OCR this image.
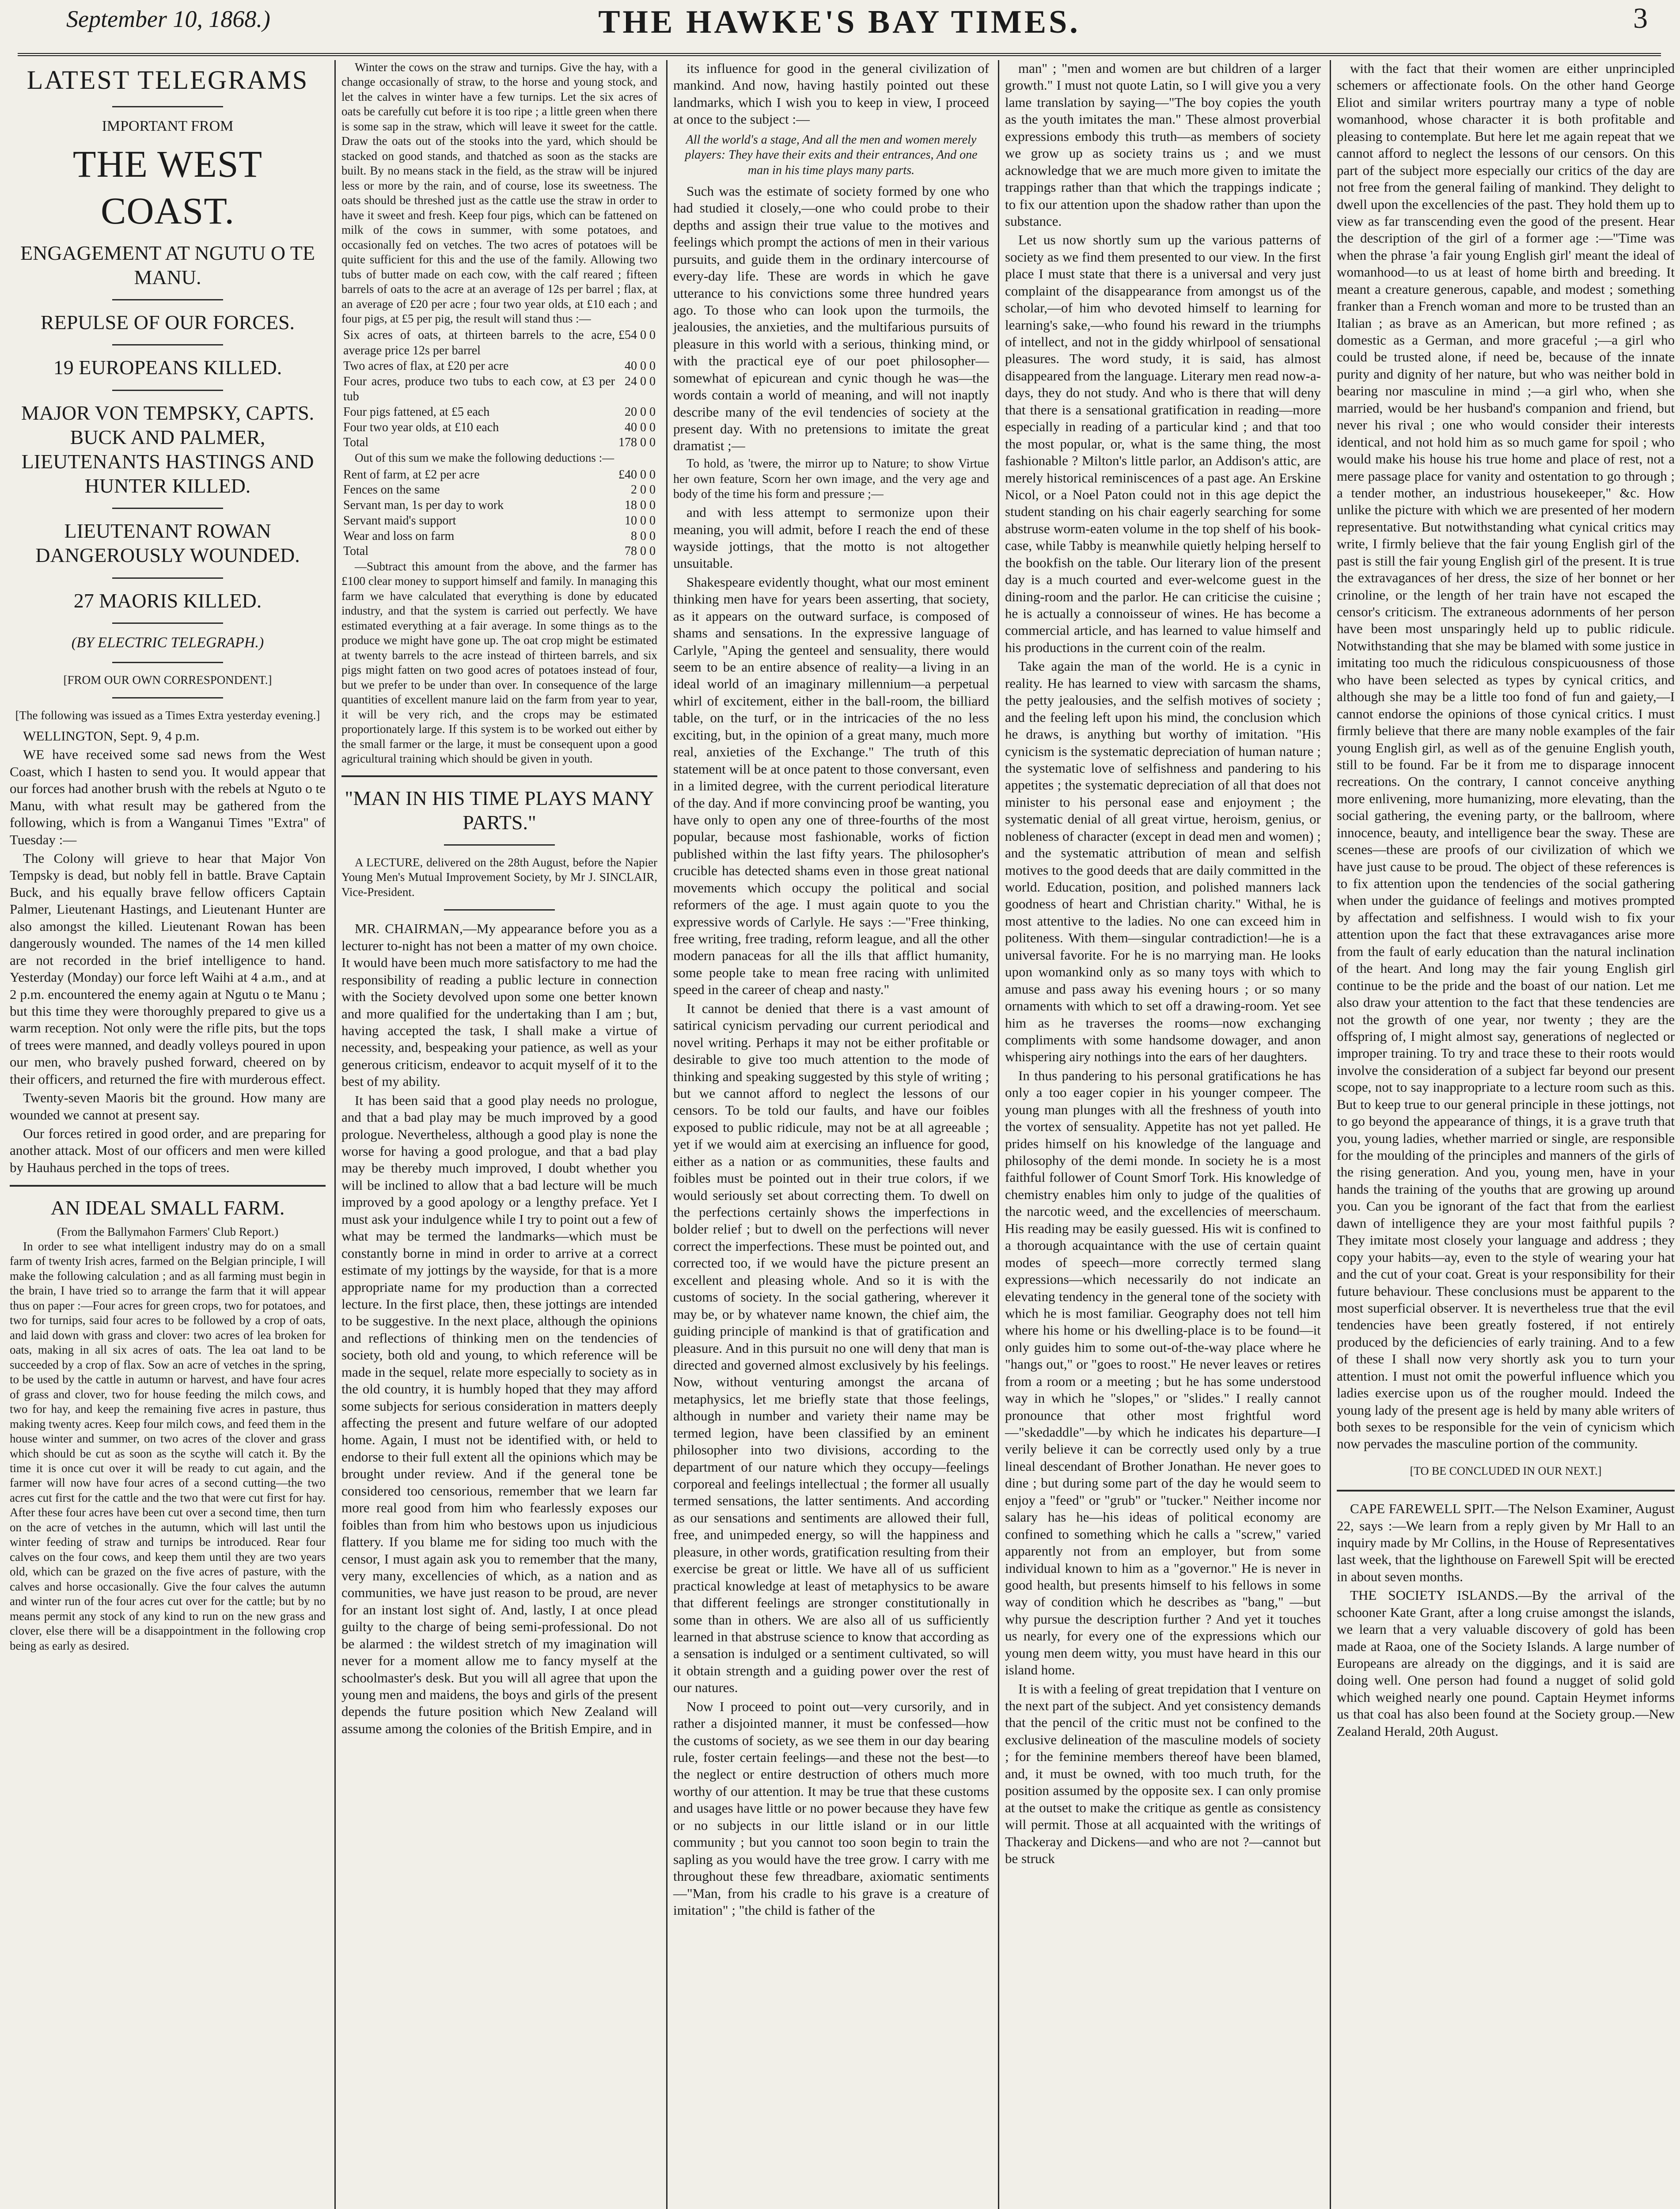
September 10, 1868.)	THE HAWKE'S BAY TIMES.	3
LATEST TELEGRAMS
IMPORTANT FROM
THE WEST COAST.
ENGAGEMENT AT NGUTU O TE MANU.
REPULSE OF OUR FORCES.
19 EUROPEANS KILLED.
MAJOR VON TEMPSKY, CAPTS. BUCK AND PALMER, LIEUTENANTS HASTINGS AND HUNTER KILLED.
LIEUTENANT ROWAN DANGEROUSLY WOUNDED.
27 MAORIS KILLED.
(BY ELECTRIC TELEGRAPH.)
[FROM OUR OWN CORRESPONDENT.]
[The following was issued as a Times Extra yesterday evening.]

WELLINGTON, Sept. 9, 4 p.m.

WE have received some sad news from the West Coast, which I hasten to send you. It would appear that our forces had another brush with the rebels at Nguto o te Manu, with what result may be gathered from the following, which is from a Wanganui Times "Extra" of Tuesday :—

The Colony will grieve to hear that Major Von Tempsky is dead, but nobly fell in battle. Brave Captain Buck, and his equally brave fellow officers Captain Palmer, Lieutenant Hastings, and Lieutenant Hunter are also amongst the killed. Lieutenant Rowan has been dangerously wounded. The names of the 14 men killed are not recorded in the brief intelligence to hand. Yesterday (Monday) our force left Waihi at 4 a.m., and at 2 p.m. encountered the enemy again at Ngutu o te Manu ; but this time they were thoroughly prepared to give us a warm reception. Not only were the rifle pits, but the tops of trees were manned, and deadly volleys poured in upon our men, who bravely pushed forward, cheered on by their officers, and returned the fire with murderous effect.

Twenty-seven Maoris bit the ground. How many are wounded we cannot at present say.

Our forces retired in good order, and are preparing for another attack. Most of our officers and men were killed by Hauhaus perched in the tops of trees.

AN IDEAL SMALL FARM.
(From the Ballymahon Farmers' Club Report.)

In order to see what intelligent industry may do on a small farm of twenty Irish acres, farmed on the Belgian principle, I will make the following calculation ; and as all farming must begin in the brain, I have tried so to arrange the farm that it will appear thus on paper :—Four acres for green crops, two for potatoes, and two for turnips, said four acres to be followed by a crop of oats, and laid down with grass and clover: two acres of lea broken for oats, making in all six acres of oats. The lea oat land to be succeeded by a crop of flax. Sow an acre of vetches in the spring, to be used by the cattle in autumn or harvest, and have four acres of grass and clover, two for house feeding the milch cows, and two for hay, and keep the remaining five acres in pasture, thus making twenty acres. Keep four milch cows, and feed them in the house winter and summer, on two acres of the clover and grass which should be cut as soon as the scythe will catch it. By the time it is once cut over it will be ready to cut again, and the farmer will now have four acres of a second cutting—the two acres cut first for the cattle and the two that were cut first for hay. After these four acres have been cut over a second time, then turn on the acre of vetches in the autumn, which will last until the winter feeding of straw and turnips be introduced. Rear four calves on the four cows, and keep them until they are two years old, which can be grazed on the five acres of pasture, with the calves and horse occasionally. Give the four calves the autumn and winter run of the four acres cut over for the cattle; but by no means permit any stock of any kind to run on the new grass and clover, else there will be a disappointment in the following crop being as early as desired.

Winter the cows on the straw and turnips. Give the hay, with a change occasionally of straw, to the horse and young stock, and let the calves in winter have a few turnips. Let the six acres of oats be carefully cut before it is too ripe ; a little green when there is some sap in the straw, which will leave it sweet for the cattle. Draw the oats out of the stooks into the yard, which should be stacked on good stands, and thatched as soon as the stacks are built. By no means stack in the field, as the straw will be injured less or more by the rain, and of course, lose its sweetness. The oats should be threshed just as the cattle use the straw in order to have it sweet and fresh. Keep four pigs, which can be fattened on milk of the cows in summer, with some potatoes, and occasionally fed on vetches. The two acres of potatoes will be quite sufficient for this and the use of the family. Allowing two tubs of butter made on each cow, with the calf reared ; fifteen barrels of oats to the acre at an average of 12s per barrel ; flax, at an average of £20 per acre ; four two year olds, at £10 each ; and four pigs, at £5 per pig, the result will stand thus :—

Six acres of oats, at thirteen barrels to the acre, average price 12s per barrel	£54 0 0
Two acres of flax, at £20 per acre	40 0 0
Four acres, produce two tubs to each cow, at £3 per tub	24 0 0
Four pigs fattened, at £5 each	20 0 0
Four two year olds, at £10 each	40 0 0
Total	178 0 0

Out of this sum we make the following deductions :—

Rent of farm, at £2 per acre	£40 0 0
Fences on the same	2 0 0
Servant man, 1s per day to work	18 0 0
Servant maid's support	10 0 0
Wear and loss on farm	8 0 0
Total	78 0 0

—Subtract this amount from the above, and the farmer has £100 clear money to support himself and family. In managing this farm we have calculated that everything is done by educated industry, and that the system is carried out perfectly. We have estimated everything at a fair average. In some things as to the produce we might have gone up. The oat crop might be estimated at twenty barrels to the acre instead of thirteen barrels, and six pigs might fatten on two good acres of potatoes instead of four, but we prefer to be under than over. In consequence of the large quantities of excellent manure laid on the farm from year to year, it will be very rich, and the crops may be estimated proportionately large. If this system is to be worked out either by the small farmer or the large, it must be consequent upon a good agricultural training which should be given in youth.

"MAN IN HIS TIME PLAYS MANY PARTS."

A LECTURE, delivered on the 28th August, before the Napier Young Men's Mutual Improvement Society, by Mr J. SINCLAIR, Vice-President.

MR. CHAIRMAN,—My appearance before you as a lecturer to-night has not been a matter of my own choice. It would have been much more satisfactory to me had the responsibility of reading a public lecture in connection with the Society devolved upon some one better known and more qualified for the undertaking than I am ; but, having accepted the task, I shall make a virtue of necessity, and, bespeaking your patience, as well as your generous criticism, endeavor to acquit myself of it to the best of my ability.

It has been said that a good play needs no prologue, and that a bad play may be much improved by a good prologue. Nevertheless, although a good play is none the worse for having a good prologue, and that a bad play may be thereby much improved, I doubt whether you will be inclined to allow that a bad lecture will be much improved by a good apology or a lengthy preface. Yet I must ask your indulgence while I try to point out a few of what may be termed the landmarks—which must be constantly borne in mind in order to arrive at a correct estimate of my jottings by the wayside, for that is a more appropriate name for my production than a corrected lecture. In the first place, then, these jottings are intended to be suggestive. In the next place, although the opinions and reflections of thinking men on the tendencies of society, both old and young, to which reference will be made in the sequel, relate more especially to society as in the old country, it is humbly hoped that they may afford some subjects for serious consideration in matters deeply affecting the present and future welfare of our adopted home. Again, I must not be identified with, or held to endorse to their full extent all the opinions which may be brought under review. And if the general tone be considered too censorious, remember that we learn far more real good from him who fearlessly exposes our foibles than from him who bestows upon us injudicious flattery. If you blame me for siding too much with the censor, I must again ask you to remember that the many, very many, excellencies of which, as a nation and as communities, we have just reason to be proud, are never for an instant lost sight of. And, lastly, I at once plead guilty to the charge of being semi-professional. Do not be alarmed : the wildest stretch of my imagination will never for a moment allow me to fancy myself at the schoolmaster's desk. But you will all agree that upon the young men and maidens, the boys and girls of the present depends the future position which New Zealand will assume among the colonies of the British Empire, and in

its influence for good in the general civilization of mankind. And now, having hastily pointed out these landmarks, which I wish you to keep in view, I proceed at once to the subject :—

All the world's a stage, And all the men and women merely players: They have their exits and their entrances, And one man in his time plays many parts.

Such was the estimate of society formed by one who had studied it closely,—one who could probe to their depths and assign their true value to the motives and feelings which prompt the actions of men in their various pursuits, and guide them in the ordinary intercourse of every-day life. These are words in which he gave utterance to his convictions some three hundred years ago. To those who can look upon the turmoils, the jealousies, the anxieties, and the multifarious pursuits of pleasure in this world with a serious, thinking mind, or with the practical eye of our poet philosopher—somewhat of epicurean and cynic though he was—the words contain a world of meaning, and will not inaptly describe many of the evil tendencies of society at the present day. With no pretensions to imitate the great dramatist ;—

To hold, as 'twere, the mirror up to Nature; to show Virtue her own feature, Scorn her own image, and the very age and body of the time his form and pressure ;—

and with less attempt to sermonize upon their meaning, you will admit, before I reach the end of these wayside jottings, that the motto is not altogether unsuitable.

Shakespeare evidently thought, what our most eminent thinking men have for years been asserting, that society, as it appears on the outward surface, is composed of shams and sensations. In the expressive language of Carlyle, "Aping the genteel and sensuality, there would seem to be an entire absence of reality—a living in an ideal world of an imaginary millennium—a perpetual whirl of excitement, either in the ball-room, the billiard table, on the turf, or in the intricacies of the no less exciting, but, in the opinion of a great many, much more real, anxieties of the Exchange." The truth of this statement will be at once patent to those conversant, even in a limited degree, with the current periodical literature of the day. And if more convincing proof be wanting, you have only to open any one of three-fourths of the most popular, because most fashionable, works of fiction published within the last fifty years. The philosopher's crucible has detected shams even in those great national movements which occupy the political and social reformers of the age. I must again quote to you the expressive words of Carlyle. He says :—"Free thinking, free writing, free trading, reform league, and all the other modern panaceas for all the ills that afflict humanity, some people take to mean free racing with unlimited speed in the career of cheap and nasty."

It cannot be denied that there is a vast amount of satirical cynicism pervading our current periodical and novel writing. Perhaps it may not be either profitable or desirable to give too much attention to the mode of thinking and speaking suggested by this style of writing ; but we cannot afford to neglect the lessons of our censors. To be told our faults, and have our foibles exposed to public ridicule, may not be at all agreeable ; yet if we would aim at exercising an influence for good, either as a nation or as communities, these faults and foibles must be pointed out in their true colors, if we would seriously set about correcting them. To dwell on the perfections certainly shows the imperfections in bolder relief ; but to dwell on the perfections will never correct the imperfections. These must be pointed out, and corrected too, if we would have the picture present an excellent and pleasing whole. And so it is with the customs of society. In the social gathering, wherever it may be, or by whatever name known, the chief aim, the guiding principle of mankind is that of gratification and pleasure. And in this pursuit no one will deny that man is directed and governed almost exclusively by his feelings. Now, without venturing amongst the arcana of metaphysics, let me briefly state that those feelings, although in number and variety their name may be termed legion, have been classified by an eminent philosopher into two divisions, according to the department of our nature which they occupy—feelings corporeal and feelings intellectual ; the former all usually termed sensations, the latter sentiments. And according as our sensations and sentiments are allowed their full, free, and unimpeded energy, so will the happiness and pleasure, in other words, gratification resulting from their exercise be great or little. We have all of us sufficient practical knowledge at least of metaphysics to be aware that different feelings are stronger constitutionally in some than in others. We are also all of us sufficiently learned in that abstruse science to know that according as a sensation is indulged or a sentiment cultivated, so will it obtain strength and a guiding power over the rest of our natures.

Now I proceed to point out—very cursorily, and in rather a disjointed manner, it must be confessed—how the customs of society, as we see them in our day bearing rule, foster certain feelings—and these not the best—to the neglect or entire destruction of others much more worthy of our attention. It may be true that these customs and usages have little or no power because they have few or no subjects in our little island or in our little community ; but you cannot too soon begin to train the sapling as you would have the tree grow. I carry with me throughout these few threadbare, axiomatic sentiments—"Man, from his cradle to his grave is a creature of imitation" ; "the child is father of the

man" ; "men and women are but children of a larger growth." I must not quote Latin, so I will give you a very lame translation by saying—"The boy copies the youth as the youth imitates the man." These almost proverbial expressions embody this truth—as members of society we grow up as society trains us ; and we must acknowledge that we are much more given to imitate the trappings rather than that which the trappings indicate ; to fix our attention upon the shadow rather than upon the substance.

Let us now shortly sum up the various patterns of society as we find them presented to our view. In the first place I must state that there is a universal and very just complaint of the disappearance from amongst us of the scholar,—of him who devoted himself to learning for learning's sake,—who found his reward in the triumphs of intellect, and not in the giddy whirlpool of sensational pleasures. The word study, it is said, has almost disappeared from the language. Literary men read now-a-days, they do not study. And who is there that will deny that there is a sensational gratification in reading—more especially in reading of a particular kind ; and that too the most popular, or, what is the same thing, the most fashionable ? Milton's little parlor, an Addison's attic, are merely historical reminiscences of a past age. An Erskine Nicol, or a Noel Paton could not in this age depict the student standing on his chair eagerly searching for some abstruse worm-eaten volume in the top shelf of his book-case, while Tabby is meanwhile quietly helping herself to the bookfish on the table. Our literary lion of the present day is a much courted and ever-welcome guest in the dining-room and the parlor. He can criticise the cuisine ; he is actually a connoisseur of wines. He has become a commercial article, and has learned to value himself and his productions in the current coin of the realm.

Take again the man of the world. He is a cynic in reality. He has learned to view with sarcasm the shams, the petty jealousies, and the selfish motives of society ; and the feeling left upon his mind, the conclusion which he draws, is anything but worthy of imitation. "His cynicism is the systematic depreciation of human nature ; the systematic love of selfishness and pandering to his appetites ; the systematic depreciation of all that does not minister to his personal ease and enjoyment ; the systematic denial of all great virtue, heroism, genius, or nobleness of character (except in dead men and women) ; and the systematic attribution of mean and selfish motives to the good deeds that are daily committed in the world. Education, position, and polished manners lack goodness of heart and Christian charity." Withal, he is most attentive to the ladies. No one can exceed him in politeness. With them—singular contradiction!—he is a universal favorite. For he is no marrying man. He looks upon womankind only as so many toys with which to amuse and pass away his evening hours ; or so many ornaments with which to set off a drawing-room. Yet see him as he traverses the rooms—now exchanging compliments with some handsome dowager, and anon whispering airy nothings into the ears of her daughters.

In thus pandering to his personal gratifications he has only a too eager copier in his younger compeer. The young man plunges with all the freshness of youth into the vortex of sensuality. Appetite has not yet palled. He prides himself on his knowledge of the language and philosophy of the demi monde. In society he is a most faithful follower of Count Smorf Tork. His knowledge of chemistry enables him only to judge of the qualities of the narcotic weed, and the excellencies of meerschaum. His reading may be easily guessed. His wit is confined to a thorough acquaintance with the use of certain quaint modes of speech—more correctly termed slang expressions—which necessarily do not indicate an elevating tendency in the general tone of the society with which he is most familiar. Geography does not tell him where his home or his dwelling-place is to be found—it only guides him to some out-of-the-way place where he "hangs out," or "goes to roost." He never leaves or retires from a room or a meeting ; but he has some understood way in which he "slopes," or "slides." I really cannot pronounce that other most frightful word—"skedaddle"—by which he indicates his departure—I verily believe it can be correctly used only by a true lineal descendant of Brother Jonathan. He never goes to dine ; but during some part of the day he would seem to enjoy a "feed" or "grub" or "tucker." Neither income nor salary has he—his ideas of political economy are confined to something which he calls a "screw," varied apparently not from an employer, but from some individual known to him as a "governor." He is never in good health, but presents himself to his fellows in some way of condition which he describes as "bang," —but why pursue the description further ? And yet it touches us nearly, for every one of the expressions which our young men deem witty, you must have heard in this our island home.

It is with a feeling of great trepidation that I venture on the next part of the subject. And yet consistency demands that the pencil of the critic must not be confined to the exclusive delineation of the masculine models of society ; for the feminine members thereof have been blamed, and, it must be owned, with too much truth, for the position assumed by the opposite sex. I can only promise at the outset to make the critique as gentle as consistency will permit. Those at all acquainted with the writings of Thackeray and Dickens—and who are not ?—cannot but be struck

with the fact that their women are either unprincipled schemers or affectionate fools. On the other hand George Eliot and similar writers pourtray many a type of noble womanhood, whose character it is both profitable and pleasing to contemplate. But here let me again repeat that we cannot afford to neglect the lessons of our censors. On this part of the subject more especially our critics of the day are not free from the general failing of mankind. They delight to dwell upon the excellencies of the past. They hold them up to view as far transcending even the good of the present. Hear the description of the girl of a former age :—"Time was when the phrase 'a fair young English girl' meant the ideal of womanhood—to us at least of home birth and breeding. It meant a creature generous, capable, and modest ; something franker than a French woman and more to be trusted than an Italian ; as brave as an American, but more refined ; as domestic as a German, and more graceful ;—a girl who could be trusted alone, if need be, because of the innate purity and dignity of her nature, but who was neither bold in bearing nor masculine in mind ;—a girl who, when she married, would be her husband's companion and friend, but never his rival ; one who would consider their interests identical, and not hold him as so much game for spoil ; who would make his house his true home and place of rest, not a mere passage place for vanity and ostentation to go through ; a tender mother, an industrious housekeeper," &c. How unlike the picture with which we are presented of her modern representative. But notwithstanding what cynical critics may write, I firmly believe that the fair young English girl of the past is still the fair young English girl of the present. It is true the extravagances of her dress, the size of her bonnet or her crinoline, or the length of her train have not escaped the censor's criticism. The extraneous adornments of her person have been most unsparingly held up to public ridicule. Notwithstanding that she may be blamed with some justice in imitating too much the ridiculous conspicuousness of those who have been selected as types by cynical critics, and although she may be a little too fond of fun and gaiety,—I cannot endorse the opinions of those cynical critics. I must firmly believe that there are many noble examples of the fair young English girl, as well as of the genuine English youth, still to be found. Far be it from me to disparage innocent recreations. On the contrary, I cannot conceive anything more enlivening, more humanizing, more elevating, than the social gathering, the evening party, or the ballroom, where innocence, beauty, and intelligence bear the sway. These are scenes—these are proofs of our civilization of which we have just cause to be proud. The object of these references is to fix attention upon the tendencies of the social gathering when under the guidance of feelings and motives prompted by affectation and selfishness. I would wish to fix your attention upon the fact that these extravagances arise more from the fault of early education than the natural inclination of the heart. And long may the fair young English girl continue to be the pride and the boast of our nation. Let me also draw your attention to the fact that these tendencies are not the growth of one year, nor twenty ; they are the offspring of, I might almost say, generations of neglected or improper training. To try and trace these to their roots would involve the consideration of a subject far beyond our present scope, not to say inappropriate to a lecture room such as this. But to keep true to our general principle in these jottings, not to go beyond the appearance of things, it is a grave truth that you, young ladies, whether married or single, are responsible for the moulding of the principles and manners of the girls of the rising generation. And you, young men, have in your hands the training of the youths that are growing up around you. Can you be ignorant of the fact that from the earliest dawn of intelligence they are your most faithful pupils ? They imitate most closely your language and address ; they copy your habits—ay, even to the style of wearing your hat and the cut of your coat. Great is your responsibility for their future behaviour. These conclusions must be apparent to the most superficial observer. It is nevertheless true that the evil tendencies have been greatly fostered, if not entirely produced by the deficiencies of early training. And to a few of these I shall now very shortly ask you to turn your attention. I must not omit the powerful influence which you ladies exercise upon us of the rougher mould. Indeed the young lady of the present age is held by many able writers of both sexes to be responsible for the vein of cynicism which now pervades the masculine portion of the community.

[TO BE CONCLUDED IN OUR NEXT.]

CAPE FAREWELL SPIT.—The Nelson Examiner, August 22, says :—We learn from a reply given by Mr Hall to an inquiry made by Mr Collins, in the House of Representatives last week, that the lighthouse on Farewell Spit will be erected in about seven months.

THE SOCIETY ISLANDS.—By the arrival of the schooner Kate Grant, after a long cruise amongst the islands, we learn that a very valuable discovery of gold has been made at Raoa, one of the Society Islands. A large number of Europeans are already on the diggings, and it is said are doing well. One person had found a nugget of solid gold which weighed nearly one pound. Captain Heymet informs us that coal has also been found at the Society group.—New Zealand Herald, 20th August.
